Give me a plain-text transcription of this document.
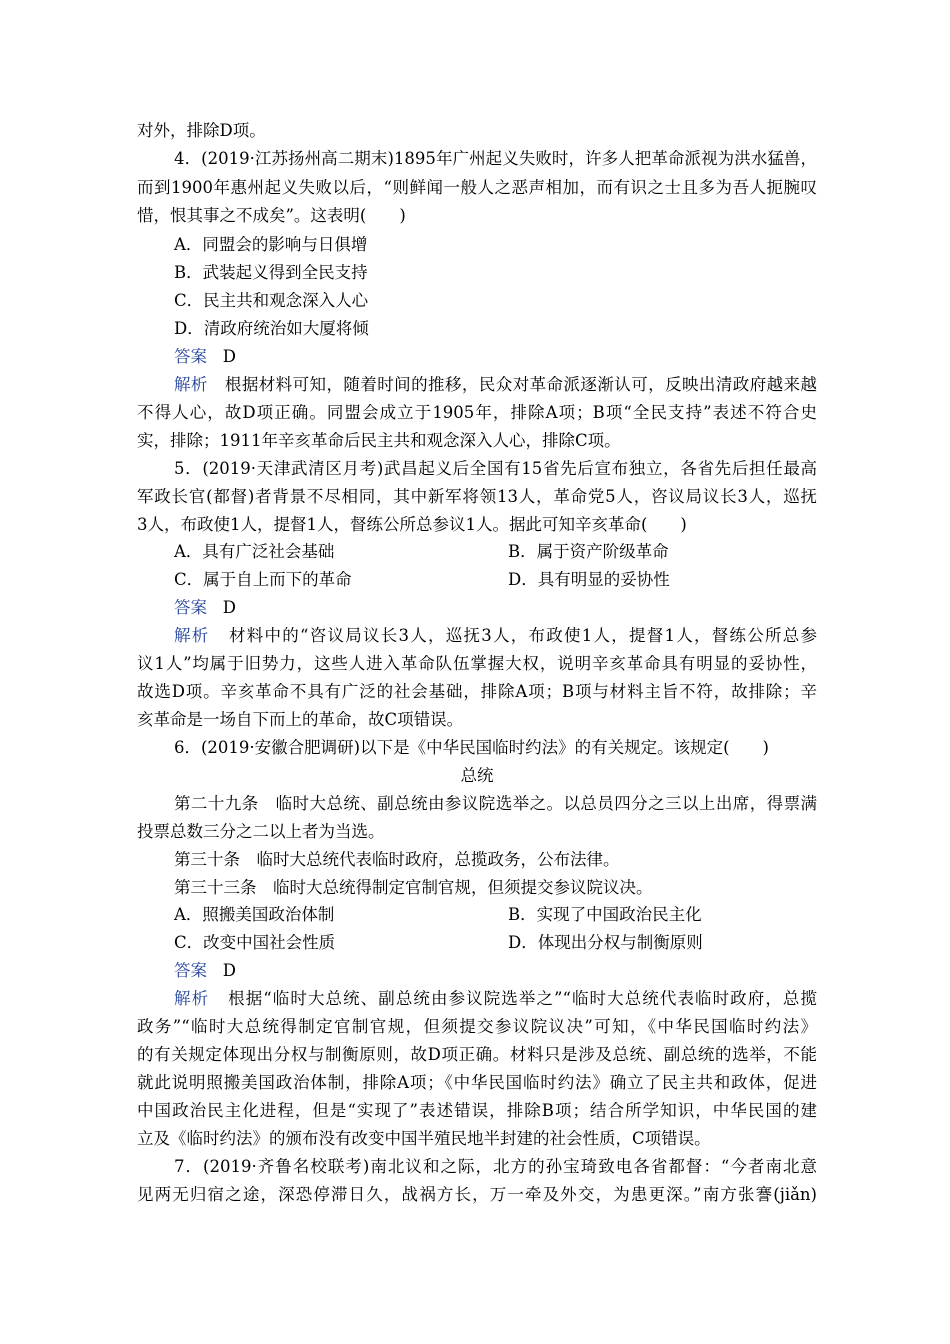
对外，排除D项。
4．(2019·江苏扬州高二期末)1895年广州起义失败时，许多人把革命派视为洪水猛兽，
而到1900年惠州起义失败以后，“则鲜闻一般人之恶声相加，而有识之士且多为吾人扼腕叹
惜，恨其事之不成矣”。这表明(　　)
A．同盟会的影响与日俱增
B．武装起义得到全民支持
C．民主共和观念深入人心
D．清政府统治如大厦将倾
答案 D
解析 根据材料可知，随着时间的推移，民众对革命派逐渐认可，反映出清政府越来越
不得人心，故D项正确。同盟会成立于1905年，排除A项；B项“全民支持”表述不符合史
实，排除；1911年辛亥革命后民主共和观念深入人心，排除C项。
5．(2019·天津武清区月考)武昌起义后全国有15省先后宣布独立，各省先后担任最高
军政长官(都督)者背景不尽相同，其中新军将领13人，革命党5人，咨议局议长3人，巡抚
3人，布政使1人，提督1人，督练公所总参议1人。据此可知辛亥革命(　　)
A．具有广泛社会基础	B．属于资产阶级革命
C．属于自上而下的革命	D．具有明显的妥协性
答案 D
解析 材料中的“咨议局议长3人，巡抚3人，布政使1人，提督1人，督练公所总参
议1人”均属于旧势力，这些人进入革命队伍掌握大权，说明辛亥革命具有明显的妥协性，
故选D项。辛亥革命不具有广泛的社会基础，排除A项；B项与材料主旨不符，故排除；辛
亥革命是一场自下而上的革命，故C项错误。
6．(2019·安徽合肥调研)以下是《中华民国临时约法》的有关规定。该规定(　　)
总统
第二十九条　临时大总统、副总统由参议院选举之。以总员四分之三以上出席，得票满
投票总数三分之二以上者为当选。
第三十条　临时大总统代表临时政府，总揽政务，公布法律。
第三十三条　临时大总统得制定官制官规，但须提交参议院议决。
A．照搬美国政治体制	B．实现了中国政治民主化
C．改变中国社会性质	D．体现出分权与制衡原则
答案 D
解析 根据“临时大总统、副总统由参议院选举之”“临时大总统代表临时政府，总揽
政务”“临时大总统得制定官制官规，但须提交参议院议决”可知，《中华民国临时约法》
的有关规定体现出分权与制衡原则，故D项正确。材料只是涉及总统、副总统的选举，不能
就此说明照搬美国政治体制，排除A项；《中华民国临时约法》确立了民主共和政体，促进
中国政治民主化进程，但是“实现了”表述错误，排除B项；结合所学知识，中华民国的建
立及《临时约法》的颁布没有改变中国半殖民地半封建的社会性质，C项错误。
7．(2019·齐鲁名校联考)南北议和之际，北方的孙宝琦致电各省都督：“今者南北意
见两无归宿之途，深恐停滞日久，战祸方长，万一牵及外交，为患更深。”南方张謇(jiǎn)
